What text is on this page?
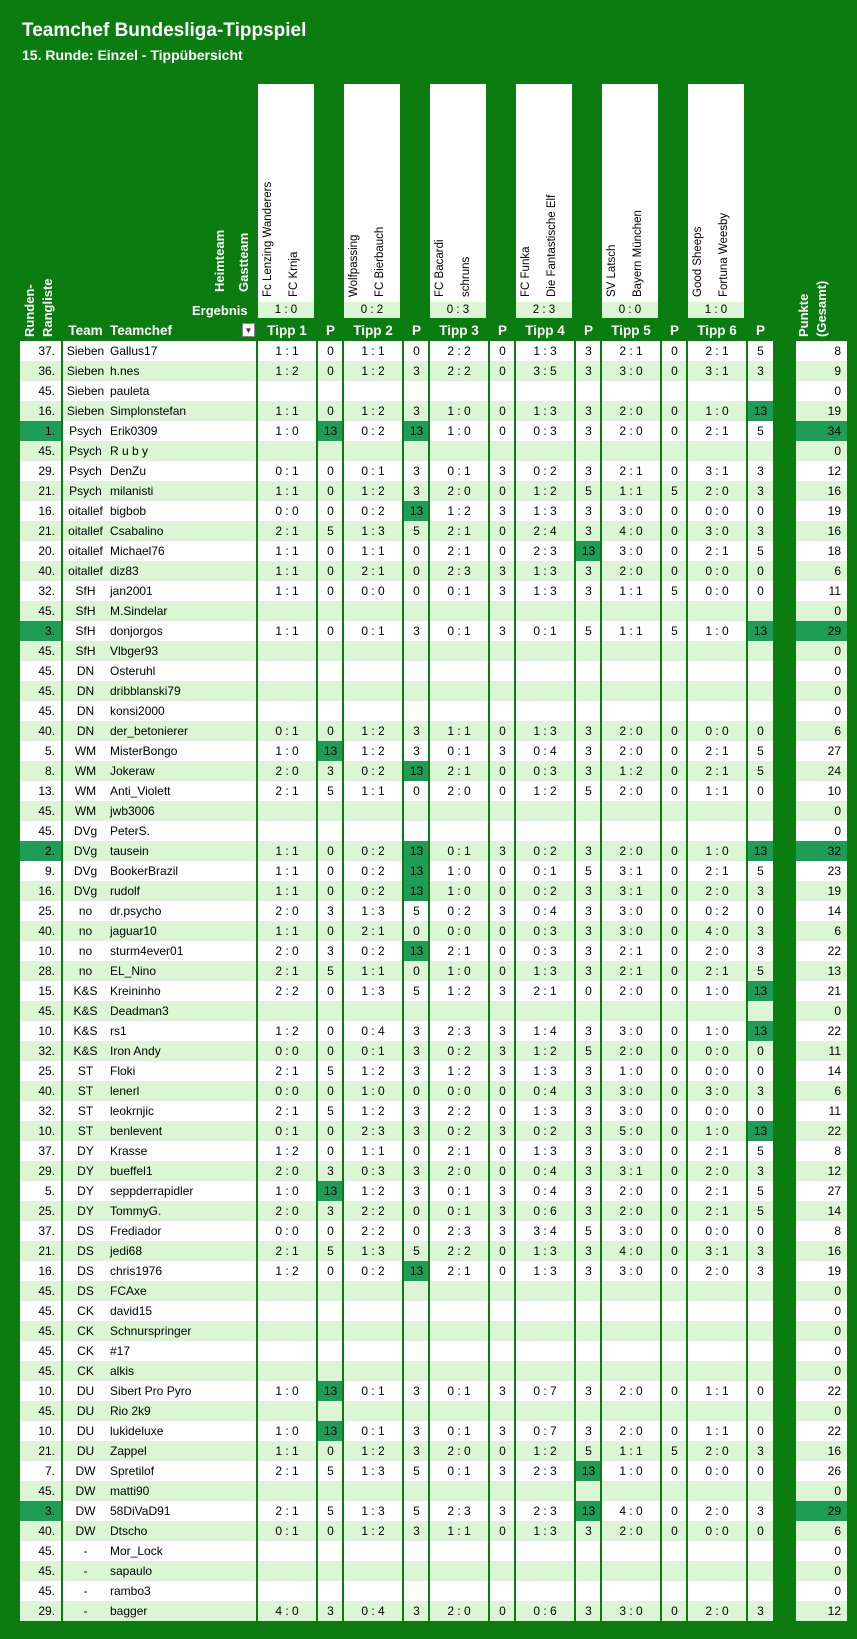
Teamchef Bundesliga-Tippspiel
15. Runde: Einzel - Tippübersicht
Fc Lenzing Wanderers FC Krnja
1 : 0
Tipp 1	P
Wolfpassing FC Bierbauch
0 : 2
Tipp 2	P
FC Bacardi schruns
0 : 3
Tipp 3	P
FC Funka Die Fantastische Elf
2 : 3
Tipp 4	P
SV Latsch Bayern München
0 : 0
Tipp 5	P
Good Sheeps Fortuna Weesby
1 : 0
Tipp 6	P
Heimteam Gastteam
Ergebnis
Runden- Rangliste	Punkte (Gesamt)
Team Teamchef	▼
37. Sieben Gallus17	1 : 1	0	1 : 1	0	2 : 2	0	1 : 3	3	2 : 1	0	2 : 1	5	8
36. Sieben h.nes	1 : 2	0	1 : 2	3	2 : 2	0	3 : 5	3	3 : 0	0	3 : 1	3	9
45. Sieben pauleta	0
16. Sieben Simplonstefan	1 : 1	0	1 : 2	3	1 : 0	0	1 : 3	3	2 : 0	0	1 : 0	13	19
1.	Psych Erik0309	1 : 0	13	0 : 2	13	1 : 0	0	0 : 3	3	2 : 0	0	2 : 1	5	34
45.	Psych R u b y	0
29.	Psych DenZu	0 : 1	0	0 : 1	3	0 : 1	3	0 : 2	3	2 : 1	0	3 : 1	3	12
21.	Psych milanisti	1 : 1	0	1 : 2	3	2 : 0	0	1 : 2	5	1 : 1	5	2 : 0	3	16
16.	oitallef bigbob	0 : 0	0	0 : 2	13	1 : 2	3	1 : 3	3	3 : 0	0	0 : 0	0	19
21.	oitallef Csabalino	2 : 1	5	1 : 3	5	2 : 1	0	2 : 4	3	4 : 0	0	3 : 0	3	16
20.	oitallef Michael76	1 : 1	0	1 : 1	0	2 : 1	0	2 : 3	13	3 : 0	0	2 : 1	5	18
40.	oitallef diz83	1 : 1	0	2 : 1	0	2 : 3	3	1 : 3	3	2 : 0	0	0 : 0	0	6
32.	SfH	jan2001	1 : 1	0	0 : 0	0	0 : 1	3	1 : 3	3	1 : 1	5	0 : 0	0	11
45.	SfH	M.Sindelar	0
3.	SfH	donjorgos	1 : 1	0	0 : 1	3	0 : 1	3	0 : 1	5	1 : 1	5	1 : 0	13	29
45.	SfH	Vlbger93	0
45.	DN	Osteruhl	0
45.	DN	dribblanski79	0
45.	DN	konsi2000	0
40.	DN	der_betonierer	0 : 1	0	1 : 2	3	1 : 1	0	1 : 3	3	2 : 0	0	0 : 0	0	6
5.	WM	MisterBongo	1 : 0	13	1 : 2	3	0 : 1	3	0 : 4	3	2 : 0	0	2 : 1	5	27
8.	WM	Jokeraw	2 : 0	3	0 : 2	13	2 : 1	0	0 : 3	3	1 : 2	0	2 : 1	5	24
13.	WM	Anti_Violett	2 : 1	5	1 : 1	0	2 : 0	0	1 : 2	5	2 : 0	0	1 : 1	0	10
45.	WM	jwb3006	0
45.	DVg	PeterS.	0
2.	DVg	tausein	1 : 1	0	0 : 2	13	0 : 1	3	0 : 2	3	2 : 0	0	1 : 0	13	32
9.	DVg	BookerBrazil	1 : 1	0	0 : 2	13	1 : 0	0	0 : 1	5	3 : 1	0	2 : 1	5	23
16.	DVg	rudolf	1 : 1	0	0 : 2	13	1 : 0	0	0 : 2	3	3 : 1	0	2 : 0	3	19
25.	no	dr.psycho	2 : 0	3	1 : 3	5	0 : 2	3	0 : 4	3	3 : 0	0	0 : 2	0	14
40.	no	jaguar10	1 : 1	0	2 : 1	0	0 : 0	0	0 : 3	3	3 : 0	0	4 : 0	3	6
10.	no	sturm4ever01	2 : 0	3	0 : 2	13	2 : 1	0	0 : 3	3	2 : 1	0	2 : 0	3	22
28.	no	EL_Nino	2 : 1	5	1 : 1	0	1 : 0	0	1 : 3	3	2 : 1	0	2 : 1	5	13
15.	K&S	Kreininho	2 : 2	0	1 : 3	5	1 : 2	3	2 : 1	0	2 : 0	0	1 : 0	13	21
45.	K&S	Deadman3	0
10.	K&S	rs1	1 : 2	0	0 : 4	3	2 : 3	3	1 : 4	3	3 : 0	0	1 : 0	13	22
32.	K&S	Iron Andy	0 : 0	0	0 : 1	3	0 : 2	3	1 : 2	5	2 : 0	0	0 : 0	0	11
25.	ST	Floki	2 : 1	5	1 : 2	3	1 : 2	3	1 : 3	3	1 : 0	0	0 : 0	0	14
40.	ST	lenerl	0 : 0	0	1 : 0	0	0 : 0	0	0 : 4	3	3 : 0	0	3 : 0	3	6
32.	ST	leokrnjic	2 : 1	5	1 : 2	3	2 : 2	0	1 : 3	3	3 : 0	0	0 : 0	0	11
10.	ST	benlevent	0 : 1	0	2 : 3	3	0 : 2	3	0 : 2	3	5 : 0	0	1 : 0	13	22
37.	DY	Krasse	1 : 2	0	1 : 1	0	2 : 1	0	1 : 3	3	3 : 0	0	2 : 1	5	8
29.	DY	bueffel1	2 : 0	3	0 : 3	3	2 : 0	0	0 : 4	3	3 : 1	0	2 : 0	3	12
5.	DY	seppderrapidler	1 : 0	13	1 : 2	3	0 : 1	3	0 : 4	3	2 : 0	0	2 : 1	5	27
25.	DY	TommyG.	2 : 0	3	2 : 2	0	0 : 1	3	0 : 6	3	2 : 0	0	2 : 1	5	14
37.	DS	Frediador	0 : 0	0	2 : 2	0	2 : 3	3	3 : 4	5	3 : 0	0	0 : 0	0	8
21.	DS	jedi68	2 : 1	5	1 : 3	5	2 : 2	0	1 : 3	3	4 : 0	0	3 : 1	3	16
16.	DS	chris1976	1 : 2	0	0 : 2	13	2 : 1	0	1 : 3	3	3 : 0	0	2 : 0	3	19
45.	DS	FCAxe	0
45.	CK	david15	0
45.	CK	Schnurspringer	0
45.	CK	#17	0
45.	CK	alkis	0
10.	DU	Sibert Pro Pyro	1 : 0	13	0 : 1	3	0 : 1	3	0 : 7	3	2 : 0	0	1 : 1	0	22
45.	DU	Rio 2k9	0
10.	DU	lukideluxe	1 : 0	13	0 : 1	3	0 : 1	3	0 : 7	3	2 : 0	0	1 : 1	0	22
21.	DU	Zappel	1 : 1	0	1 : 2	3	2 : 0	0	1 : 2	5	1 : 1	5	2 : 0	3	16
7.	DW	Spretilof	2 : 1	5	1 : 3	5	0 : 1	3	2 : 3	13	1 : 0	0	0 : 0	0	26
45.	DW	matti90	0
3.	DW	58DiVaD91	2 : 1	5	1 : 3	5	2 : 3	3	2 : 3	13	4 : 0	0	2 : 0	3	29
40.	DW	Dtscho	0 : 1	0	1 : 2	3	1 : 1	0	1 : 3	3	2 : 0	0	0 : 0	0	6
45.	-	Mor_Lock	0
45.	-	sapaulo	0
45.	-	rambo3	0
29.	-	bagger	4 : 0	3	0 : 4	3	2 : 0	0	0 : 6	3	3 : 0	0	2 : 0	3	12
